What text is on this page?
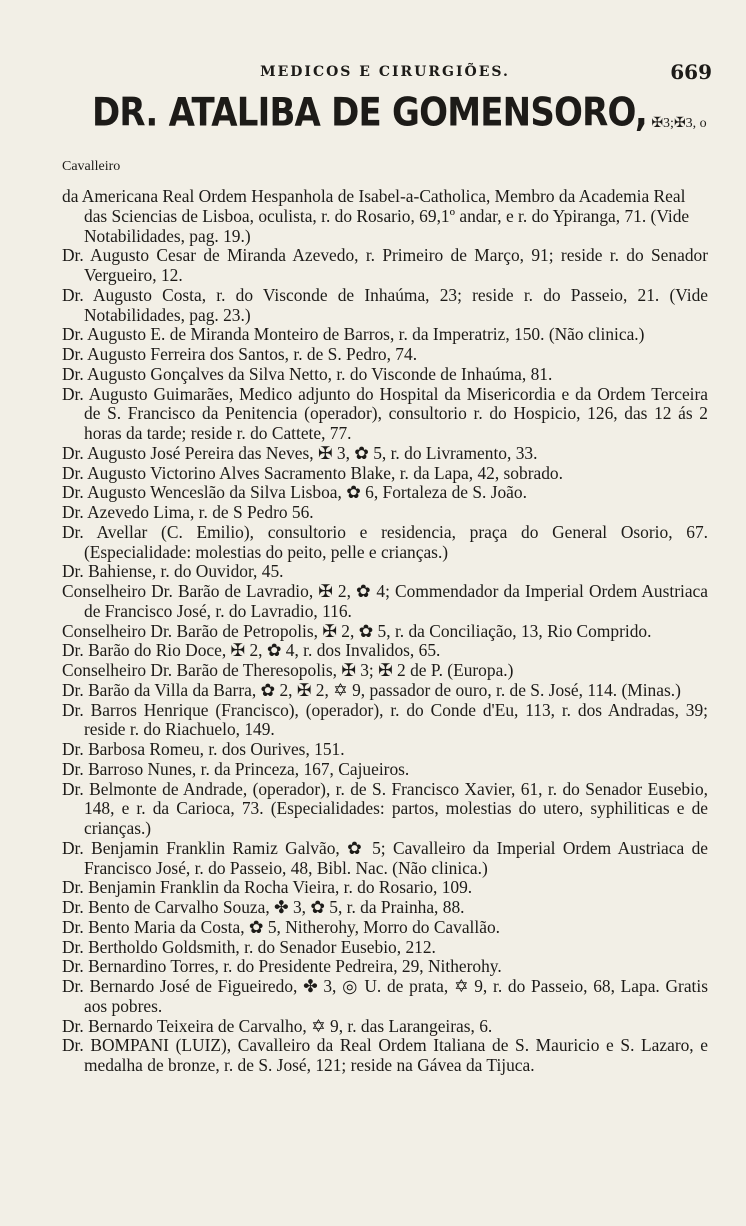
MEDICOS E CIRURGIÕES.	669
DR. ATALIBA DE GOMENSORO, ✠3;✠3, o Cavalleiro
da Americana Real Ordem Hespanhola de Isabel-a-Catholica, Membro da Academia Real das Sciencias de Lisboa, oculista, r. do Rosario, 69,1º andar, e r. do Ypiranga, 71. (Vide Notabilidades, pag. 19.)
Dr. Augusto Cesar de Miranda Azevedo, r. Primeiro de Março, 91; reside r. do Senador Vergueiro, 12.
Dr. Augusto Costa, r. do Visconde de Inhaúma, 23; reside r. do Passeio, 21. (Vide Notabilidades, pag. 23.)
Dr. Augusto E. de Miranda Monteiro de Barros, r. da Imperatriz, 150. (Não clinica.)
Dr. Augusto Ferreira dos Santos, r. de S. Pedro, 74.
Dr. Augusto Gonçalves da Silva Netto, r. do Visconde de Inhaúma, 81.
Dr. Augusto Guimarães, Medico adjunto do Hospital da Misericordia e da Ordem Terceira de S. Francisco da Penitencia (operador), consultorio r. do Hospicio, 126, das 12 ás 2 horas da tarde; reside r. do Cattete, 77.
Dr. Augusto José Pereira das Neves, ✠ 3, ✿ 5, r. do Livramento, 33.
Dr. Augusto Victorino Alves Sacramento Blake, r. da Lapa, 42, sobrado.
Dr. Augusto Wenceslão da Silva Lisboa, ✿ 6, Fortaleza de S. João.
Dr. Azevedo Lima, r. de S Pedro 56.
Dr. Avellar (C. Emilio), consultorio e residencia, praça do General Osorio, 67. (Especialidade: molestias do peito, pelle e crianças.)
Dr. Bahiense, r. do Ouvidor, 45.
Conselheiro Dr. Barão de Lavradio, ✠ 2, ✿ 4; Commendador da Imperial Ordem Austriaca de Francisco José, r. do Lavradio, 116.
Conselheiro Dr. Barão de Petropolis, ✠ 2, ✿ 5, r. da Conciliação, 13, Rio Comprido.
Dr. Barão do Rio Doce, ✠ 2, ✿ 4, r. dos Invalidos, 65.
Conselheiro Dr. Barão de Theresopolis, ✠ 3; ✠ 2 de P. (Europa.)
Dr. Barão da Villa da Barra, ✿ 2, ✠ 2, ✡ 9, passador de ouro, r. de S. José, 114. (Minas.)
Dr. Barros Henrique (Francisco), (operador), r. do Conde d'Eu, 113, r. dos Andradas, 39; reside r. do Riachuelo, 149.
Dr. Barbosa Romeu, r. dos Ourives, 151.
Dr. Barroso Nunes, r. da Princeza, 167, Cajueiros.
Dr. Belmonte de Andrade, (operador), r. de S. Francisco Xavier, 61, r. do Senador Eusebio, 148, e r. da Carioca, 73. (Especialidades: partos, molestias do utero, syphiliticas e de crianças.)
Dr. Benjamin Franklin Ramiz Galvão, ✿ 5; Cavalleiro da Imperial Ordem Austriaca de Francisco José, r. do Passeio, 48, Bibl. Nac. (Não clinica.)
Dr. Benjamin Franklin da Rocha Vieira, r. do Rosario, 109.
Dr. Bento de Carvalho Souza, ✤ 3, ✿ 5, r. da Prainha, 88.
Dr. Bento Maria da Costa, ✿ 5, Nitherohy, Morro do Cavallão.
Dr. Bertholdo Goldsmith, r. do Senador Eusebio, 212.
Dr. Bernardino Torres, r. do Presidente Pedreira, 29, Nitherohy.
Dr. Bernardo José de Figueiredo, ✤ 3, ◎ U. de prata, ✡ 9, r. do Passeio, 68, Lapa. Gratis aos pobres.
Dr. Bernardo Teixeira de Carvalho, ✡ 9, r. das Larangeiras, 6.
Dr. BOMPANI (LUIZ), Cavalleiro da Real Ordem Italiana de S. Mauricio e S. Lazaro, e medalha de bronze, r. de S. José, 121; reside na Gávea da Tijuca.
